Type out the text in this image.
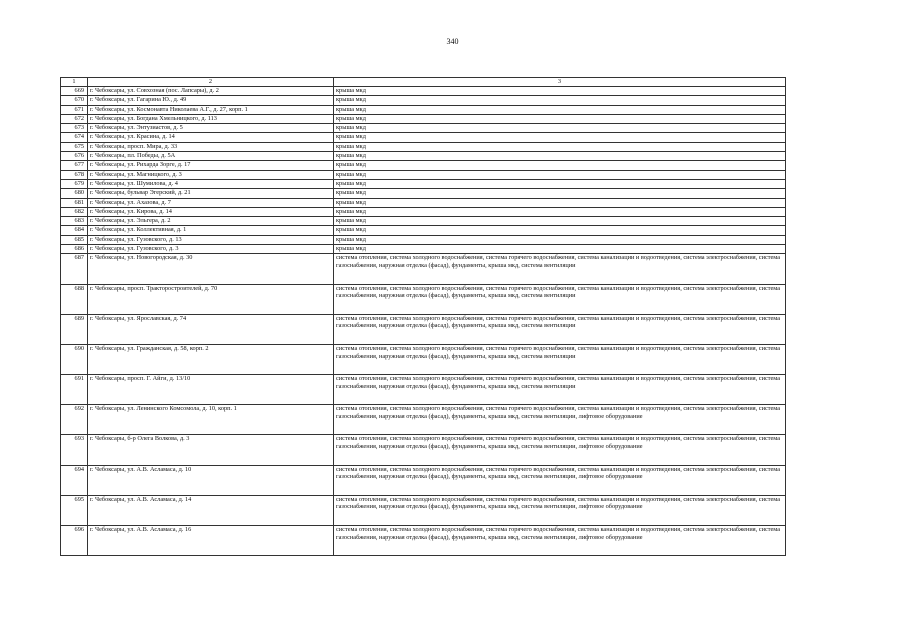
340
1	2	3
669	г. Чебоксары, ул. Совхозная (пос. Лапсары), д. 2	крыша мкд
670	г. Чебоксары, ул. Гагарина Ю., д. 49	крыша мкд
671	г. Чебоксары, ул. Космонавта Николаева А.Г., д. 27, корп. 1	крыша мкд
672	г. Чебоксары, ул. Богдана Хмельницкого, д. 113	крыша мкд
673	г. Чебоксары, ул. Энтузиастов, д. 5	крыша мкд
674	г. Чебоксары, ул. Красина, д. 14	крыша мкд
675	г. Чебоксары, просп. Мира, д. 33	крыша мкд
676	г. Чебоксары, пл. Победы, д. 5А	крыша мкд
677	г. Чебоксары, ул. Рихарда Зорге, д. 17	крыша мкд
678	г. Чебоксары, ул. Магницкого, д. 3	крыша мкд
679	г. Чебоксары, ул. Шумилова, д. 4	крыша мкд
680	г. Чебоксары, бульвар Эгерский, д. 21	крыша мкд
681	г. Чебоксары, ул. Ахазова, д. 7	крыша мкд
682	г. Чебоксары, ул. Кирова, д. 14	крыша мкд
683	г. Чебоксары, ул. Эльгера, д. 2	крыша мкд
684	г. Чебоксары, ул. Коллективная, д. 1	крыша мкд
685	г. Чебоксары, ул. Гузовского, д. 13	крыша мкд
686	г. Чебоксары, ул. Гузовского, д. 3	крыша мкд
687	г. Чебоксары, ул. Новогородская, д. 30	система отопления, система холодного водоснабжения, система горячего водоснабжения, система канализации и водоотведения, система электроснабжения, система газоснабжения, наружная отделка (фасад), фундаменты, крыша мкд, система вентиляции
688	г. Чебоксары, просп. Тракторостроителей, д. 70	система отопления, система холодного водоснабжения, система горячего водоснабжения, система канализации и водоотведения, система электроснабжения, система газоснабжения, наружная отделка (фасад), фундаменты, крыша мкд, система вентиляции
689	г. Чебоксары, ул. Ярославская, д. 74	система отопления, система холодного водоснабжения, система горячего водоснабжения, система канализации и водоотведения, система электроснабжения, система газоснабжения, наружная отделка (фасад), фундаменты, крыша мкд, система вентиляции
690	г. Чебоксары, ул. Гражданская, д. 58, корп. 2	система отопления, система холодного водоснабжения, система горячего водоснабжения, система канализации и водоотведения, система электроснабжения, система газоснабжения, наружная отделка (фасад), фундаменты, крыша мкд, система вентиляции
691	г. Чебоксары, просп. Г. Айги, д. 13/10	система отопления, система холодного водоснабжения, система горячего водоснабжения, система канализации и водоотведения, система электроснабжения, система газоснабжения, наружная отделка (фасад), фундаменты, крыша мкд, система вентиляции
692	г. Чебоксары, ул. Ленинского Комсомола, д. 10, корп. 1	система отопления, система холодного водоснабжения, система горячего водоснабжения, система канализации и водоотведения, система электроснабжения, система газоснабжения, наружная отделка (фасад), фундаменты, крыша мкд, система вентиляции, лифтовое оборудование
693	г. Чебоксары, б-р Олега Волкова, д. 3	система отопления, система холодного водоснабжения, система горячего водоснабжения, система канализации и водоотведения, система электроснабжения, система газоснабжения, наружная отделка (фасад), фундаменты, крыша мкд, система вентиляции, лифтовое оборудование
694	г. Чебоксары, ул. А.В. Асламаса, д. 10	система отопления, система холодного водоснабжения, система горячего водоснабжения, система канализации и водоотведения, система электроснабжения, система газоснабжения, наружная отделка (фасад), фундаменты, крыша мкд, система вентиляции, лифтовое оборудование
695	г. Чебоксары, ул. А.В. Асламаса, д. 14	система отопления, система холодного водоснабжения, система горячего водоснабжения, система канализации и водоотведения, система электроснабжения, система газоснабжения, наружная отделка (фасад), фундаменты, крыша мкд, система вентиляции, лифтовое оборудование
696	г. Чебоксары, ул. А.В. Асламаса, д. 16	система отопления, система холодного водоснабжения, система горячего водоснабжения, система канализации и водоотведения, система электроснабжения, система газоснабжения, наружная отделка (фасад), фундаменты, крыша мкд, система вентиляции, лифтовое оборудование
